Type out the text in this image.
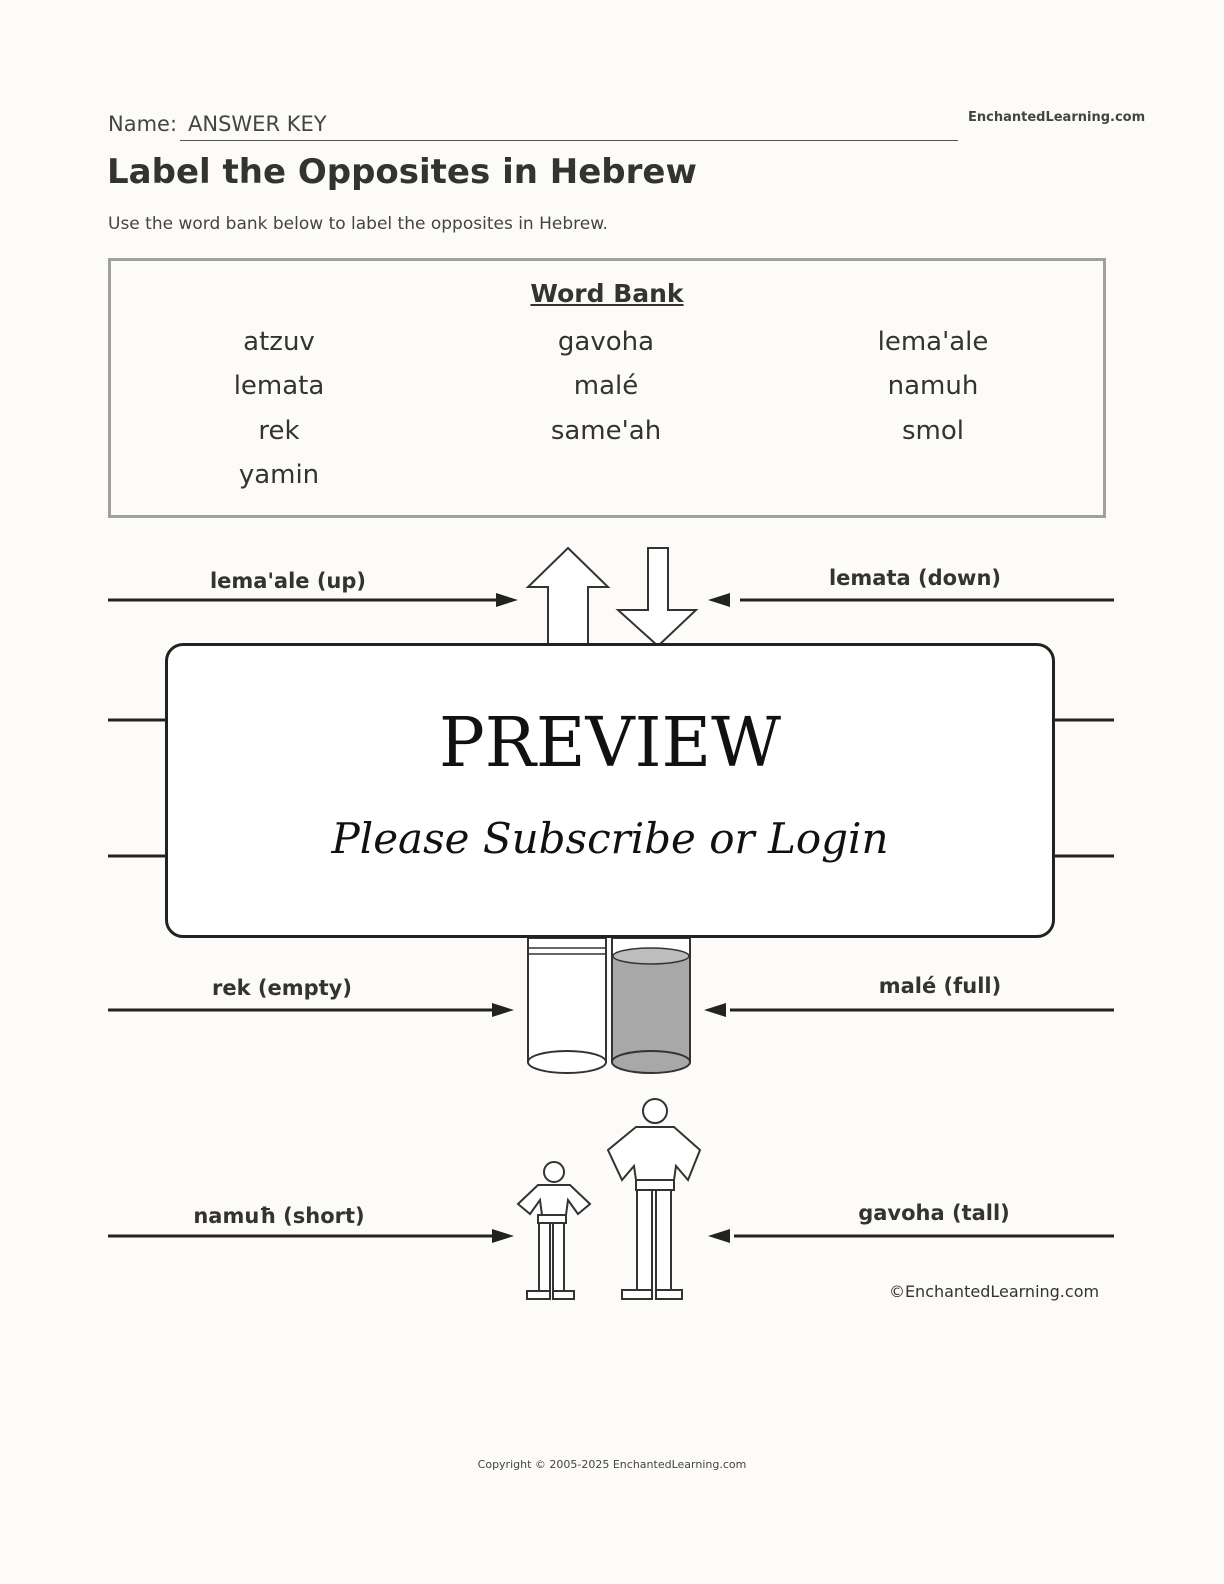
Name: ANSWER KEY	EnchantedLearning.com
Label the Opposites in Hebrew

Use the word bank below to label the opposites in Hebrew.

Word Bank
atzuv	gavoha	lema'ale
lemata	malé	namuh
rek	same'ah	smol
yamin
lema'ale (up)	lemata (down)
rek (empty)	malé (full)
namuħ (short)	gavoha (tall)
©EnchantedLearning.com
PREVIEW
Please Subscribe or Login
Copyright © 2005-2025 EnchantedLearning.com
